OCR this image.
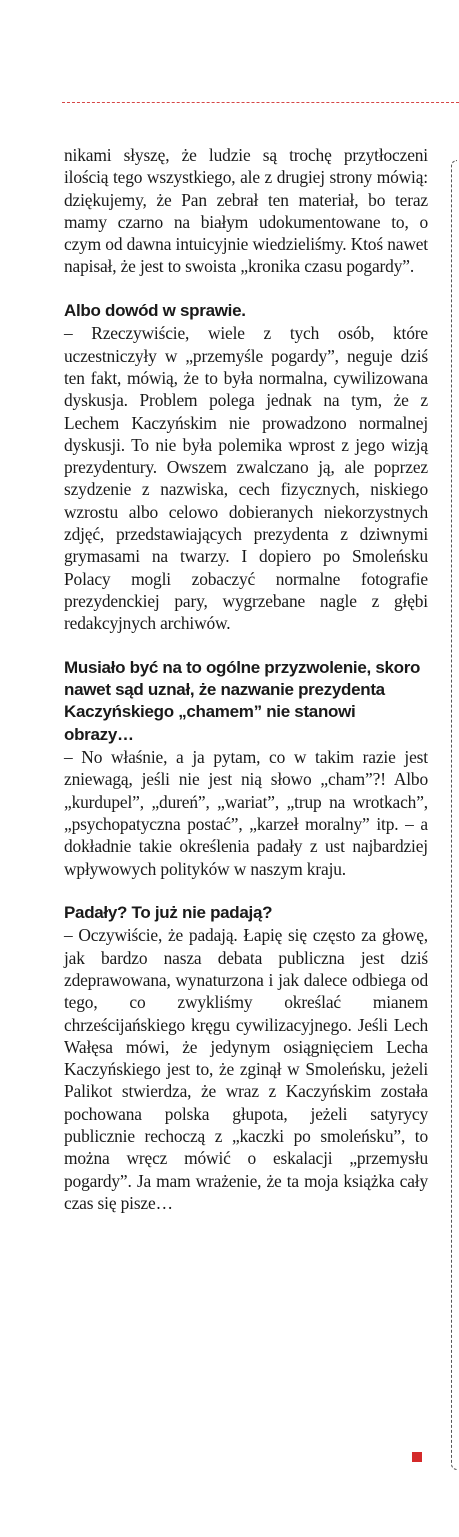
nikami słyszę, że ludzie są trochę przytłoczeni ilością tego wszystkiego, ale z drugiej strony mówią: dziękujemy, że Pan zebrał ten materiał, bo teraz mamy czarno na białym udokumentowane to, o czym od dawna intuicyjnie wiedzieliśmy. Ktoś nawet napisał, że jest to swoista „kronika czasu pogardy”.

Albo dowód w sprawie.

– Rzeczywiście, wiele z tych osób, które uczestniczyły w „przemyśle pogardy”, neguje dziś ten fakt, mówią, że to była normalna, cywilizowana dyskusja. Problem polega jednak na tym, że z Lechem Kaczyńskim nie prowadzono normalnej dyskusji. To nie była polemika wprost z jego wizją prezydentury. Owszem zwalczano ją, ale poprzez szydzenie z nazwiska, cech fizycznych, niskiego wzrostu albo celowo dobieranych niekorzystnych zdjęć, przedstawiających prezydenta z dziwnymi grymasami na twarzy. I dopiero po Smoleńsku Polacy mogli zobaczyć normalne fotografie prezydenckiej pary, wygrzebane nagle z głębi redakcyjnych archiwów.

Musiało być na to ogólne przyzwolenie, skoro nawet sąd uznał, że nazwanie prezydenta Kaczyńskiego „chamem” nie stanowi obrazy…

– No właśnie, a ja pytam, co w takim razie jest zniewagą, jeśli nie jest nią słowo „cham”?! Albo „kurdupel”, „dureń”, „wariat”, „trup na wrotkach”, „psychopatyczna postać”, „karzeł moralny” itp. – a dokładnie takie określenia padały z ust najbardziej wpływowych polityków w naszym kraju.

Padały? To już nie padają?

– Oczywiście, że padają. Łapię się często za głowę, jak bardzo nasza debata publiczna jest dziś zdeprawowana, wynaturzona i jak dalece odbiega od tego, co zwykliśmy określać mianem chrześcijańskiego kręgu cywilizacyjnego. Jeśli Lech Wałęsa mówi, że jedynym osiągnięciem Lecha Kaczyńskiego jest to, że zginął w Smoleńsku, jeżeli Palikot stwierdza, że wraz z Kaczyńskim została pochowana polska głupota, jeżeli satyrycy publicznie rechoczą z „kaczki po smoleńsku”, to można wręcz mówić o eskalacji „przemysłu pogardy”. Ja mam wrażenie, że ta moja książka cały czas się pisze…
